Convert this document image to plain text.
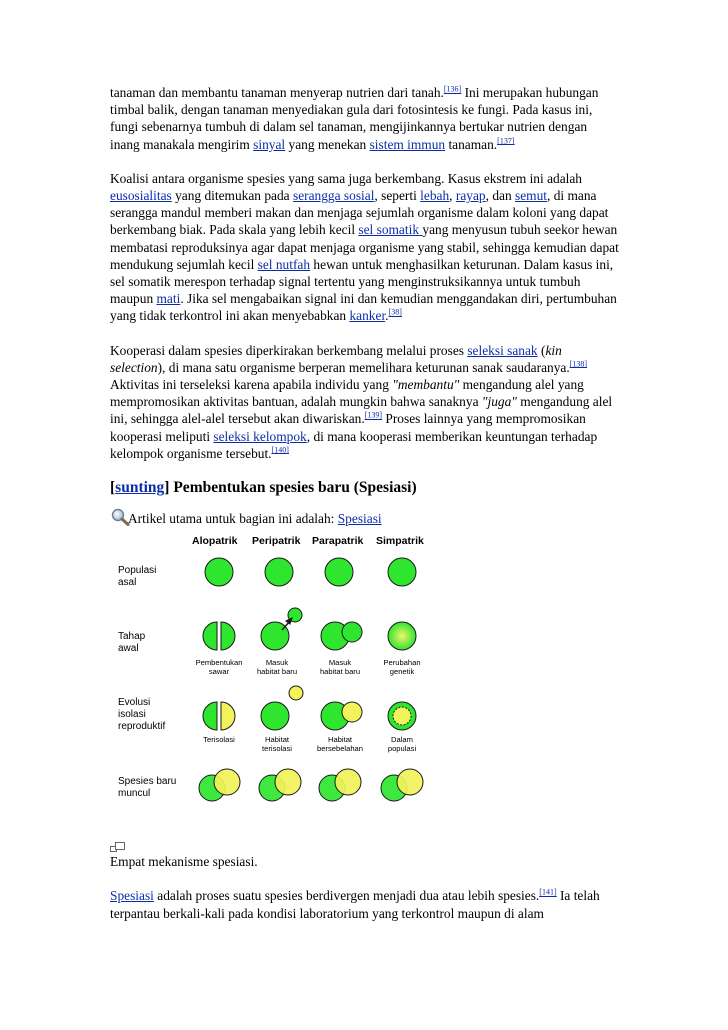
tanaman dan membantu tanaman menyerap nutrien dari tanah.[136] Ini merupakan hubungan timbal balik, dengan tanaman menyediakan gula dari fotosintesis ke fungi. Pada kasus ini, fungi sebenarnya tumbuh di dalam sel tanaman, mengijinkannya bertukar nutrien dengan inang manakala mengirim sinyal yang menekan sistem immun tanaman.[137]

Koalisi antara organisme spesies yang sama juga berkembang. Kasus ekstrem ini adalah eusosialitas yang ditemukan pada serangga sosial, seperti lebah, rayap, dan semut, di mana serangga mandul memberi makan dan menjaga sejumlah organisme dalam koloni yang dapat berkembang biak. Pada skala yang lebih kecil sel somatik yang menyusun tubuh seekor hewan membatasi reproduksinya agar dapat menjaga organisme yang stabil, sehingga kemudian dapat mendukung sejumlah kecil sel nutfah hewan untuk menghasilkan keturunan. Dalam kasus ini, sel somatik merespon terhadap signal tertentu yang menginstruksikannya untuk tumbuh maupun mati. Jika sel mengabaikan signal ini dan kemudian menggandakan diri, pertumbuhan yang tidak terkontrol ini akan menyebabkan kanker.[38]

Kooperasi dalam spesies diperkirakan berkembang melalui proses seleksi sanak (kin selection), di mana satu organisme berperan memelihara keturunan sanak saudaranya.[138] Aktivitas ini terseleksi karena apabila individu yang "membantu" mengandung alel yang mempromosikan aktivitas bantuan, adalah mungkin bahwa sanaknya "juga" mengandung alel ini, sehingga alel-alel tersebut akan diwariskan.[139] Proses lainnya yang mempromosikan kooperasi meliputi seleksi kelompok, di mana kooperasi memberikan keuntungan terhadap kelompok organisme tersebut.[140]

[sunting] Pembentukan spesies baru (Spesiasi)
Artikel utama untuk bagian ini adalah: Spesiasi
Alopatrik Peripatrik Parapatrik Simpatrik
Populasi
asal
Tahap
awal
Evolusi
isolasi
reproduktif
Spesies baru
muncul
Pembentukan
sawar
Masuk
habitat baru
Masuk
habitat baru
Perubahan
genetik
Terisolasi	Habitat
terisolasi
Habitat
bersebelahan
Dalam
populasi
Empat mekanisme spesiasi.

Spesiasi adalah proses suatu spesies berdivergen menjadi dua atau lebih spesies.[141] Ia telah terpantau berkali-kali pada kondisi laboratorium yang terkontrol maupun di alam
